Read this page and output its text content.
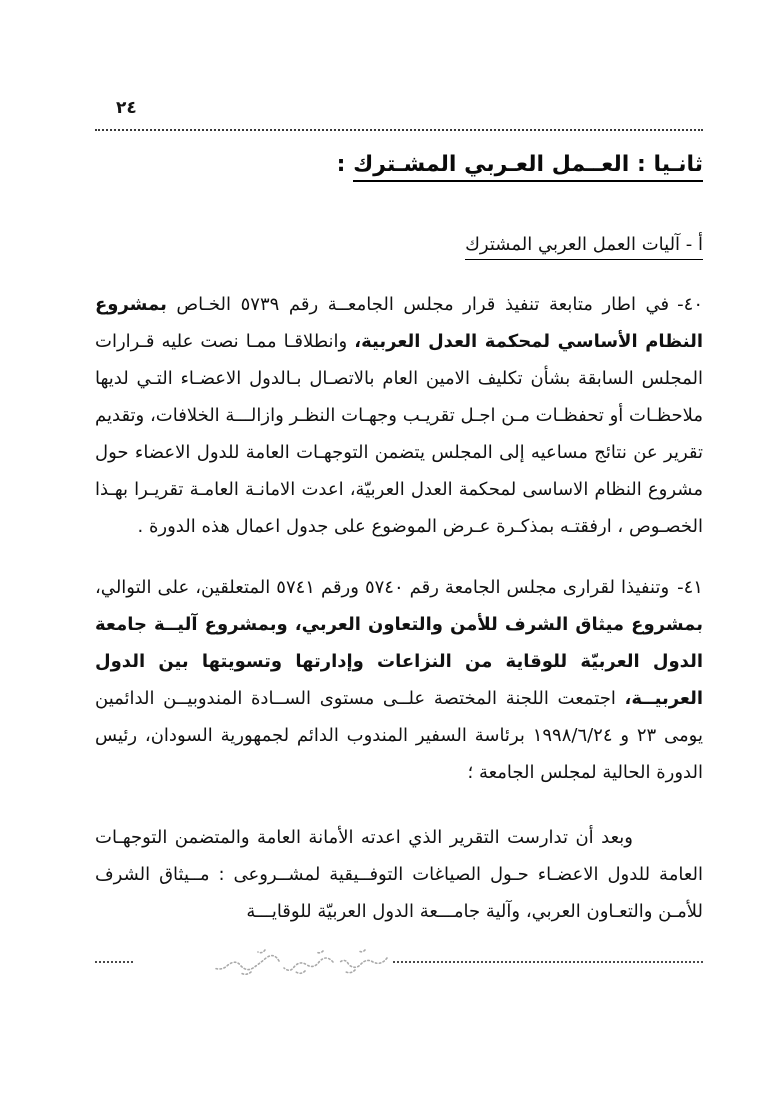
٢٤
ثانـيا : العــمل العـربي المشـترك :
أ - آليات العمل العربي المشترك

٤٠-في اطار متابعة تنفيذ قرار مجلس الجامعــة رقم ٥٧٣٩ الخـاص بمشروع النظام الأساسي لمحكمة العدل العربية، وانطلاقـا ممـا نصت عليه قـرارات المجلس السابقة بشأن تكليف الامين العام بالاتصـال بـالدول الاعضـاء التـي لديها ملاحظـات أو تحفظـات مـن اجـل تقريـب وجهـات النظـر وازالـــة الخلافات، وتقديم تقرير عن نتائج مساعيه إلى المجلس يتضمن التوجهـات العامة للدول الاعضاء حول مشروع النظام الاساسى لمحكمة العدل العربيّة، اعدت الامانـة العامـة تقريـرا بهـذا الخصـوص ، ارفقتـه بمذكـرة عـرض الموضوع على جدول اعمال هذه الدورة .

٤١-وتنفيذا لقرارى مجلس الجامعة رقم ٥٧٤٠ ورقم ٥٧٤١ المتعلقين، على التوالي، بمشروع ميثاق الشرف للأمن والتعاون العربي، وبمشروع آليــة جامعة الدول العربيّة للوقاية من النزاعات وإدارتها وتسويتها بين الدول العربيــة، اجتمعت اللجنة المختصة علــى مستوى الســادة المندوبيــن الدائمين يومى ٢٣ و ١٩٩٨/٦/٢٤ برئاسة السفير المندوب الدائم لجمهورية السودان، رئيس الدورة الحالية لمجلس الجامعة ؛

وبعد أن تدارست التقرير الذي اعدته الأمانة العامة والمتضمن التوجهـات العامة للدول الاعضـاء حـول الصياغات التوفــيقية لمشــروعى : مــيثاق الشرف للأمـن والتعـاون العربي، وآلية جامـــعة الدول العربيّة للوقايـــة
